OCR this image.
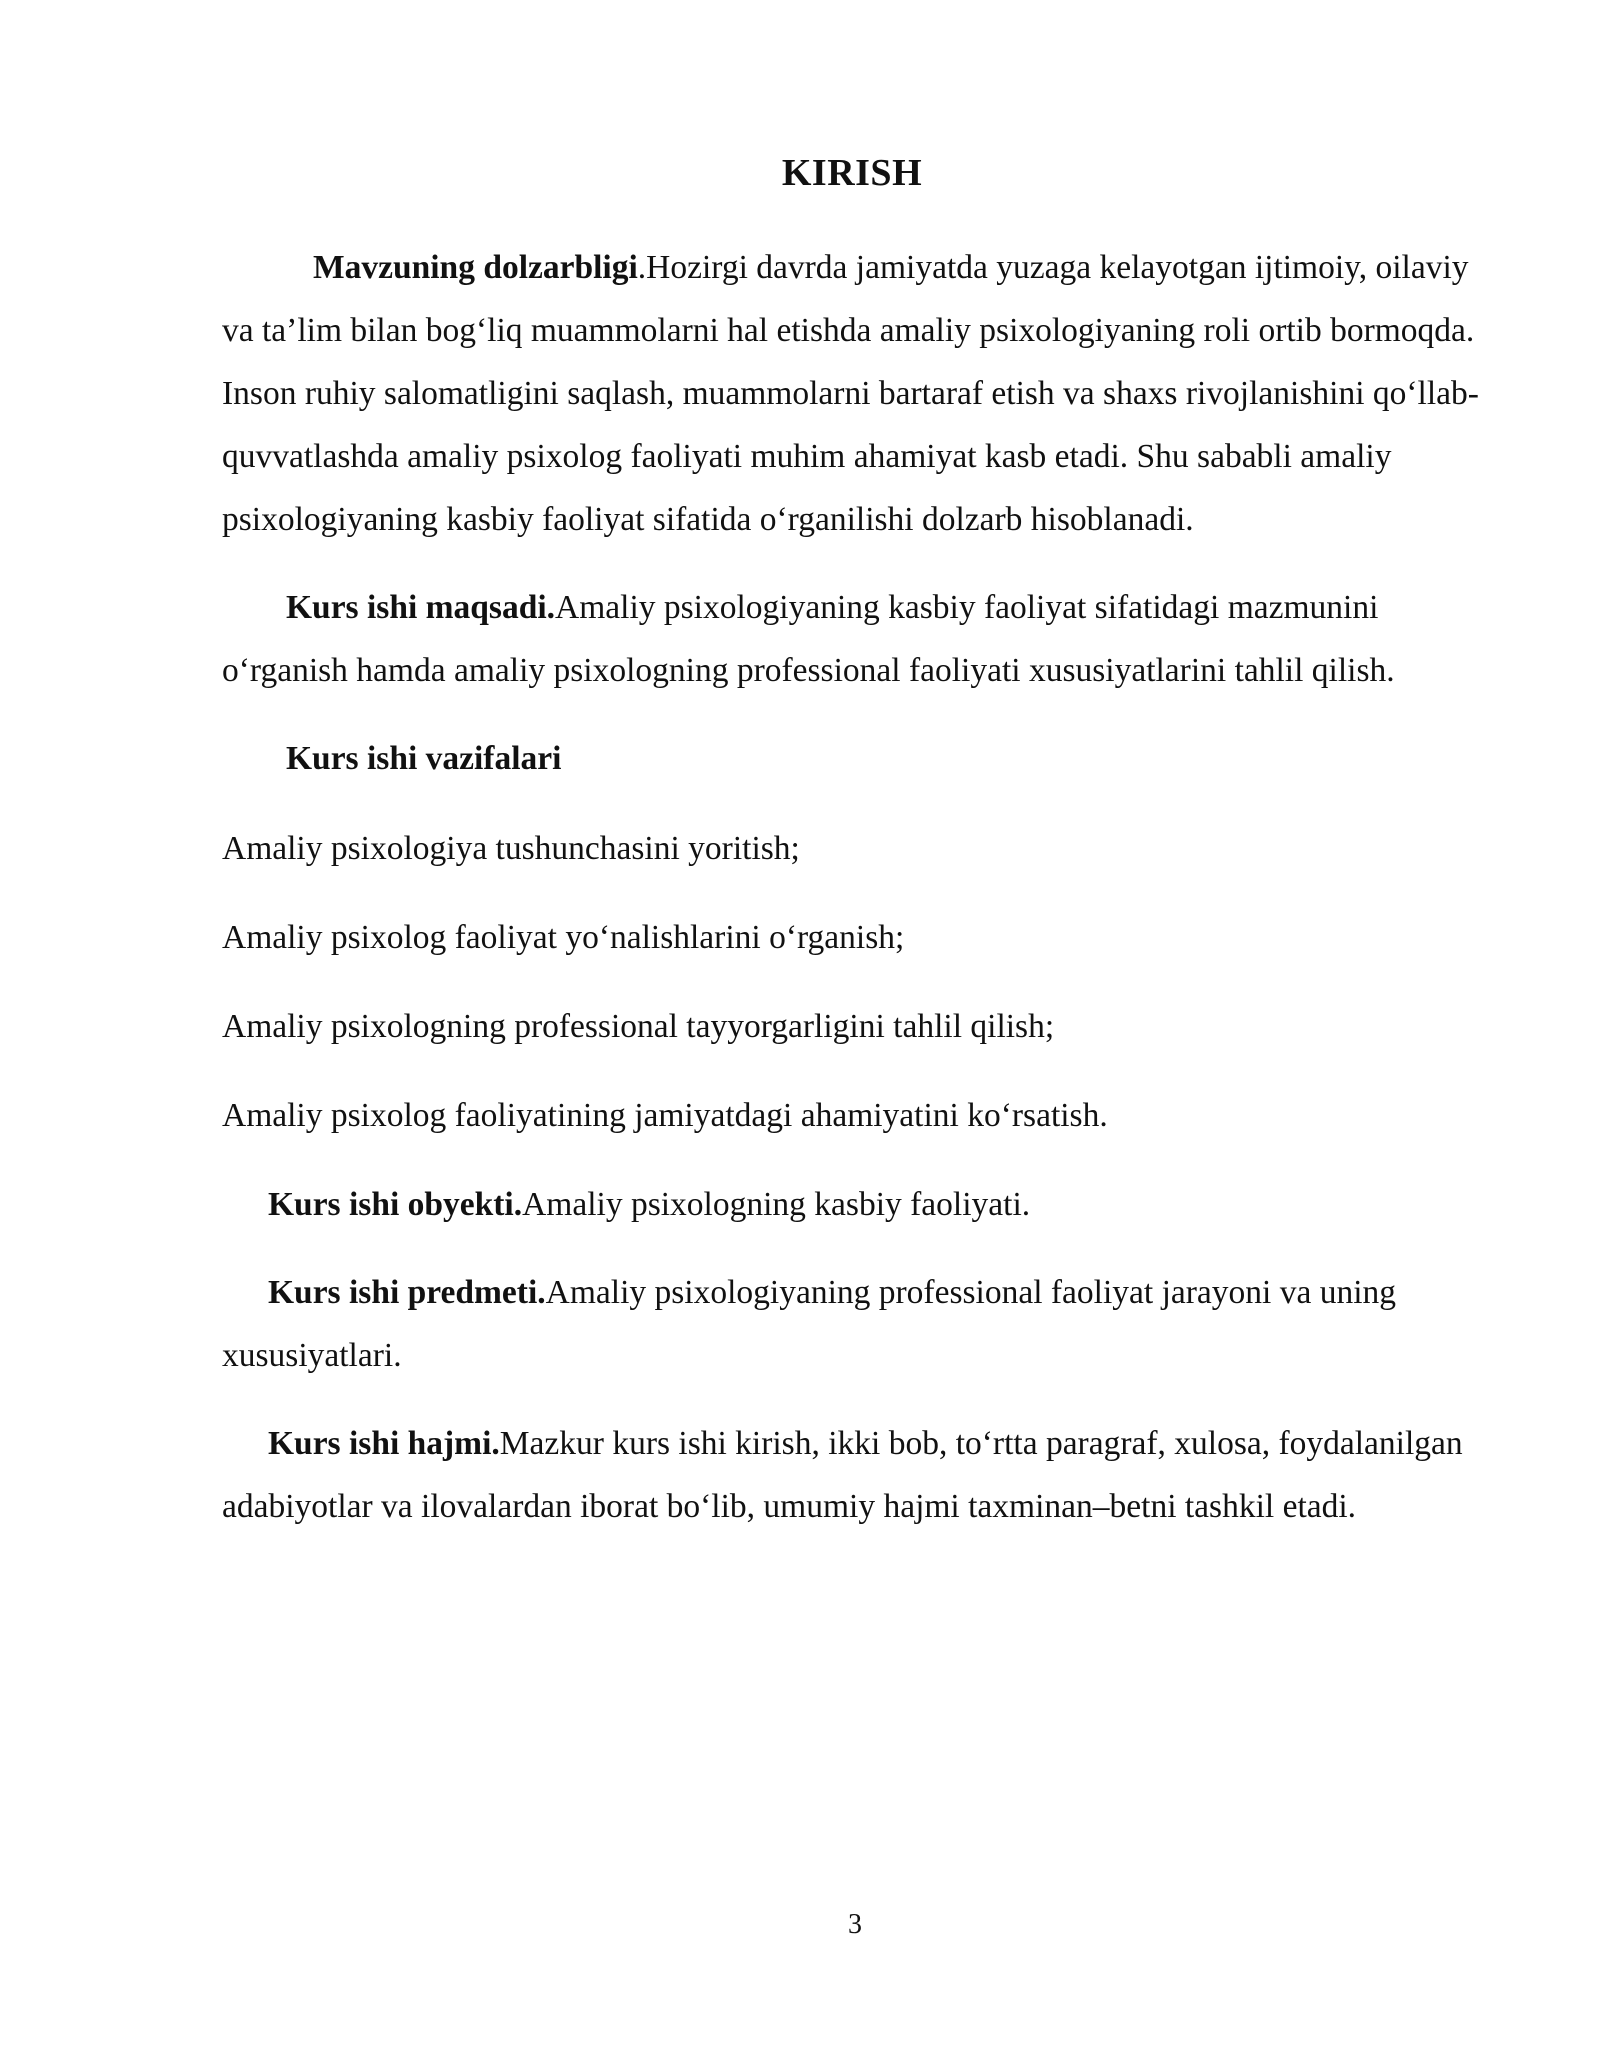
KIRISH

Mavzuning dolzarbligi.Hozirgi davrda jamiyatda yuzaga kelayotgan ijtimoiy, oilaviy va ta’lim bilan bog‘liq muammolarni hal etishda amaliy psixologiyaning roli ortib bormoqda. Inson ruhiy salomatligini saqlash, muammolarni bartaraf etish va shaxs rivojlanishini qo‘llab-quvvatlashda amaliy psixolog faoliyati muhim ahamiyat kasb etadi. Shu sababli amaliy psixologiyaning kasbiy faoliyat sifatida o‘rganilishi dolzarb hisoblanadi.

Kurs ishi maqsadi.Amaliy psixologiyaning kasbiy faoliyat sifatidagi mazmunini o‘rganish hamda amaliy psixologning professional faoliyati xususiyatlarini tahlil qilish.

Kurs ishi vazifalari

Amaliy psixologiya tushunchasini yoritish;

Amaliy psixolog faoliyat yo‘nalishlarini o‘rganish;

Amaliy psixologning professional tayyorgarligini tahlil qilish;

Amaliy psixolog faoliyatining jamiyatdagi ahamiyatini ko‘rsatish.

Kurs ishi obyekti.Amaliy psixologning kasbiy faoliyati.

Kurs ishi predmeti.Amaliy psixologiyaning professional faoliyat jarayoni va uning xususiyatlari.

Kurs ishi hajmi.Mazkur kurs ishi kirish, ikki bob, to‘rtta paragraf, xulosa, foydalanilgan adabiyotlar va ilovalardan iborat bo‘lib, umumiy hajmi taxminan–betni tashkil etadi.

3
